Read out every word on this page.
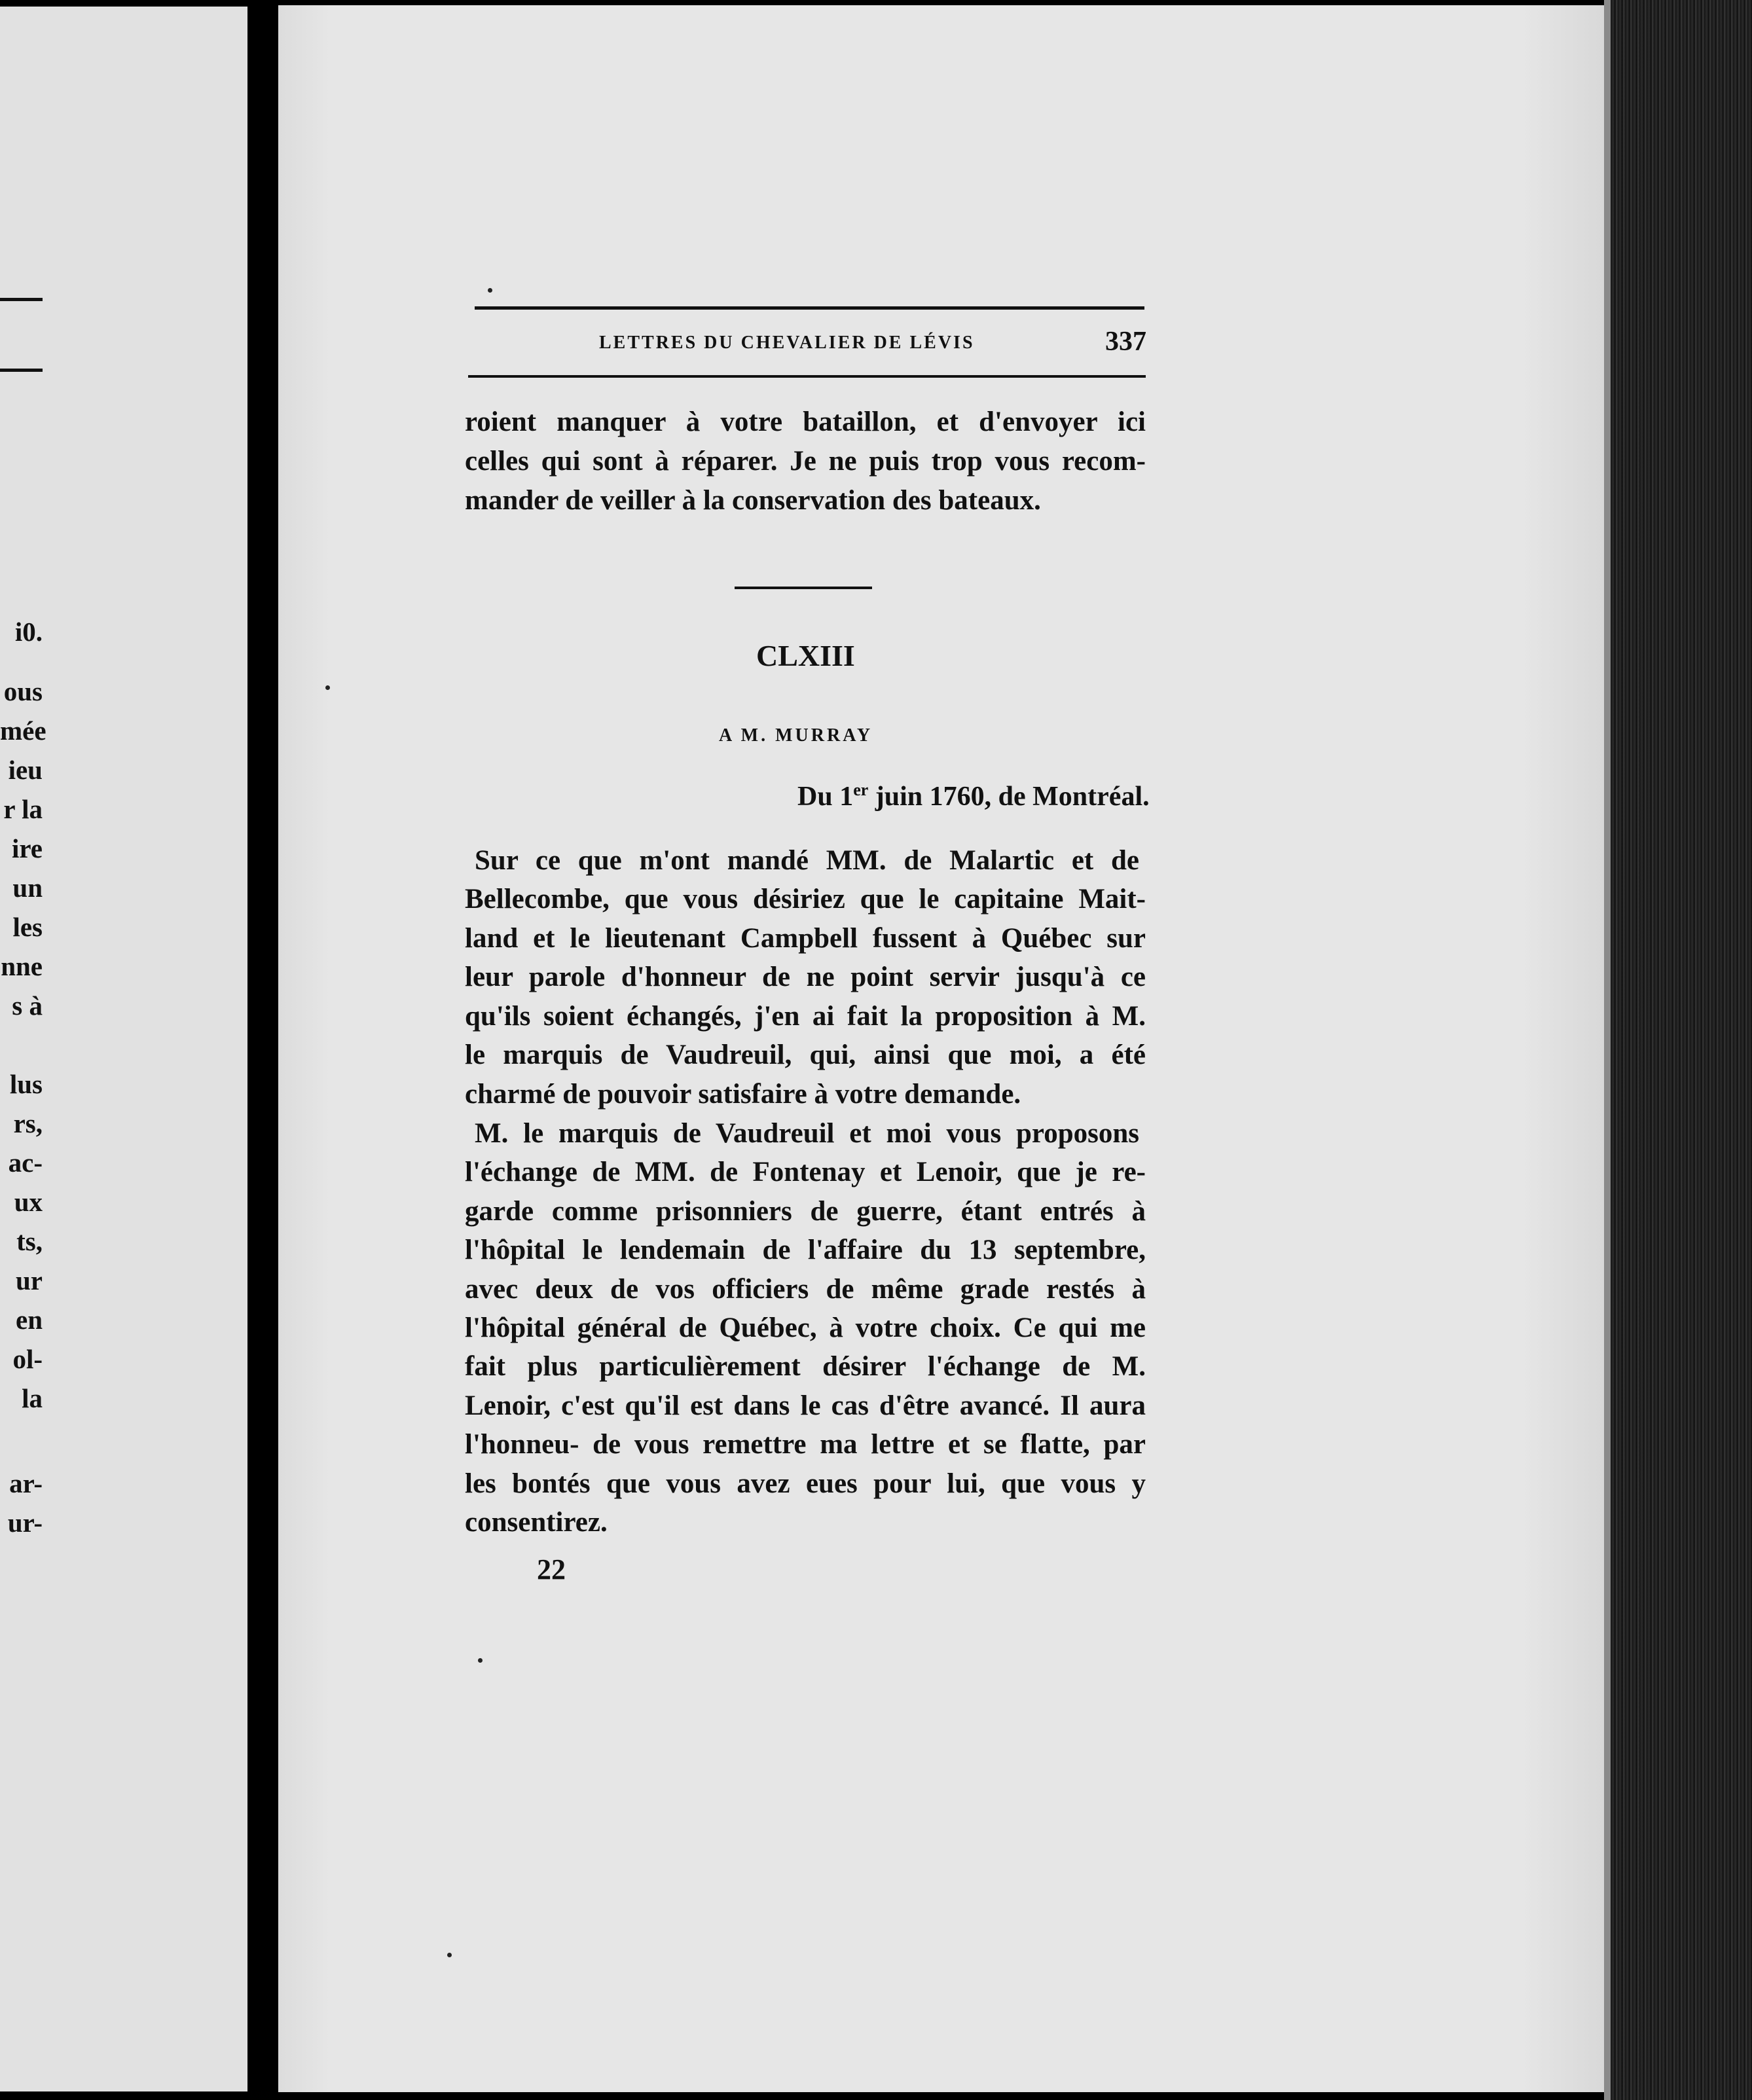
i0.
ous
mée
ieu
r la
ire
un
les
nne
s à
lus
rs,
ac-
ux
ts,
ur
en
ol-
la
ar-
ur-
LETTRES DU CHEVALIER DE LÉVIS	337
roient manquer à votre bataillon, et d'envoyer ici
celles qui sont à réparer. Je ne puis trop vous recom-
mander de veiller à la conservation des bateaux.
CLXIII
A M. MURRAY
Du 1er juin 1760, de Montréal.
Sur ce que m'ont mandé MM. de Malartic et de
Bellecombe, que vous désiriez que le capitaine Mait-
land et le lieutenant Campbell fussent à Québec sur
leur parole d'honneur de ne point servir jusqu'à ce
qu'ils soient échangés, j'en ai fait la proposition à M.
le marquis de Vaudreuil, qui, ainsi que moi, a été
charmé de pouvoir satisfaire à votre demande.
M. le marquis de Vaudreuil et moi vous proposons
l'échange de MM. de Fontenay et Lenoir, que je re-
garde comme prisonniers de guerre, étant entrés à
l'hôpital le lendemain de l'affaire du 13 septembre,
avec deux de vos officiers de même grade restés à
l'hôpital général de Québec, à votre choix. Ce qui me
fait plus particulièrement désirer l'échange de M.
Lenoir, c'est qu'il est dans le cas d'être avancé. Il aura
l'honneu- de vous remettre ma lettre et se flatte, par
les bontés que vous avez eues pour lui, que vous y
consentirez.
22
